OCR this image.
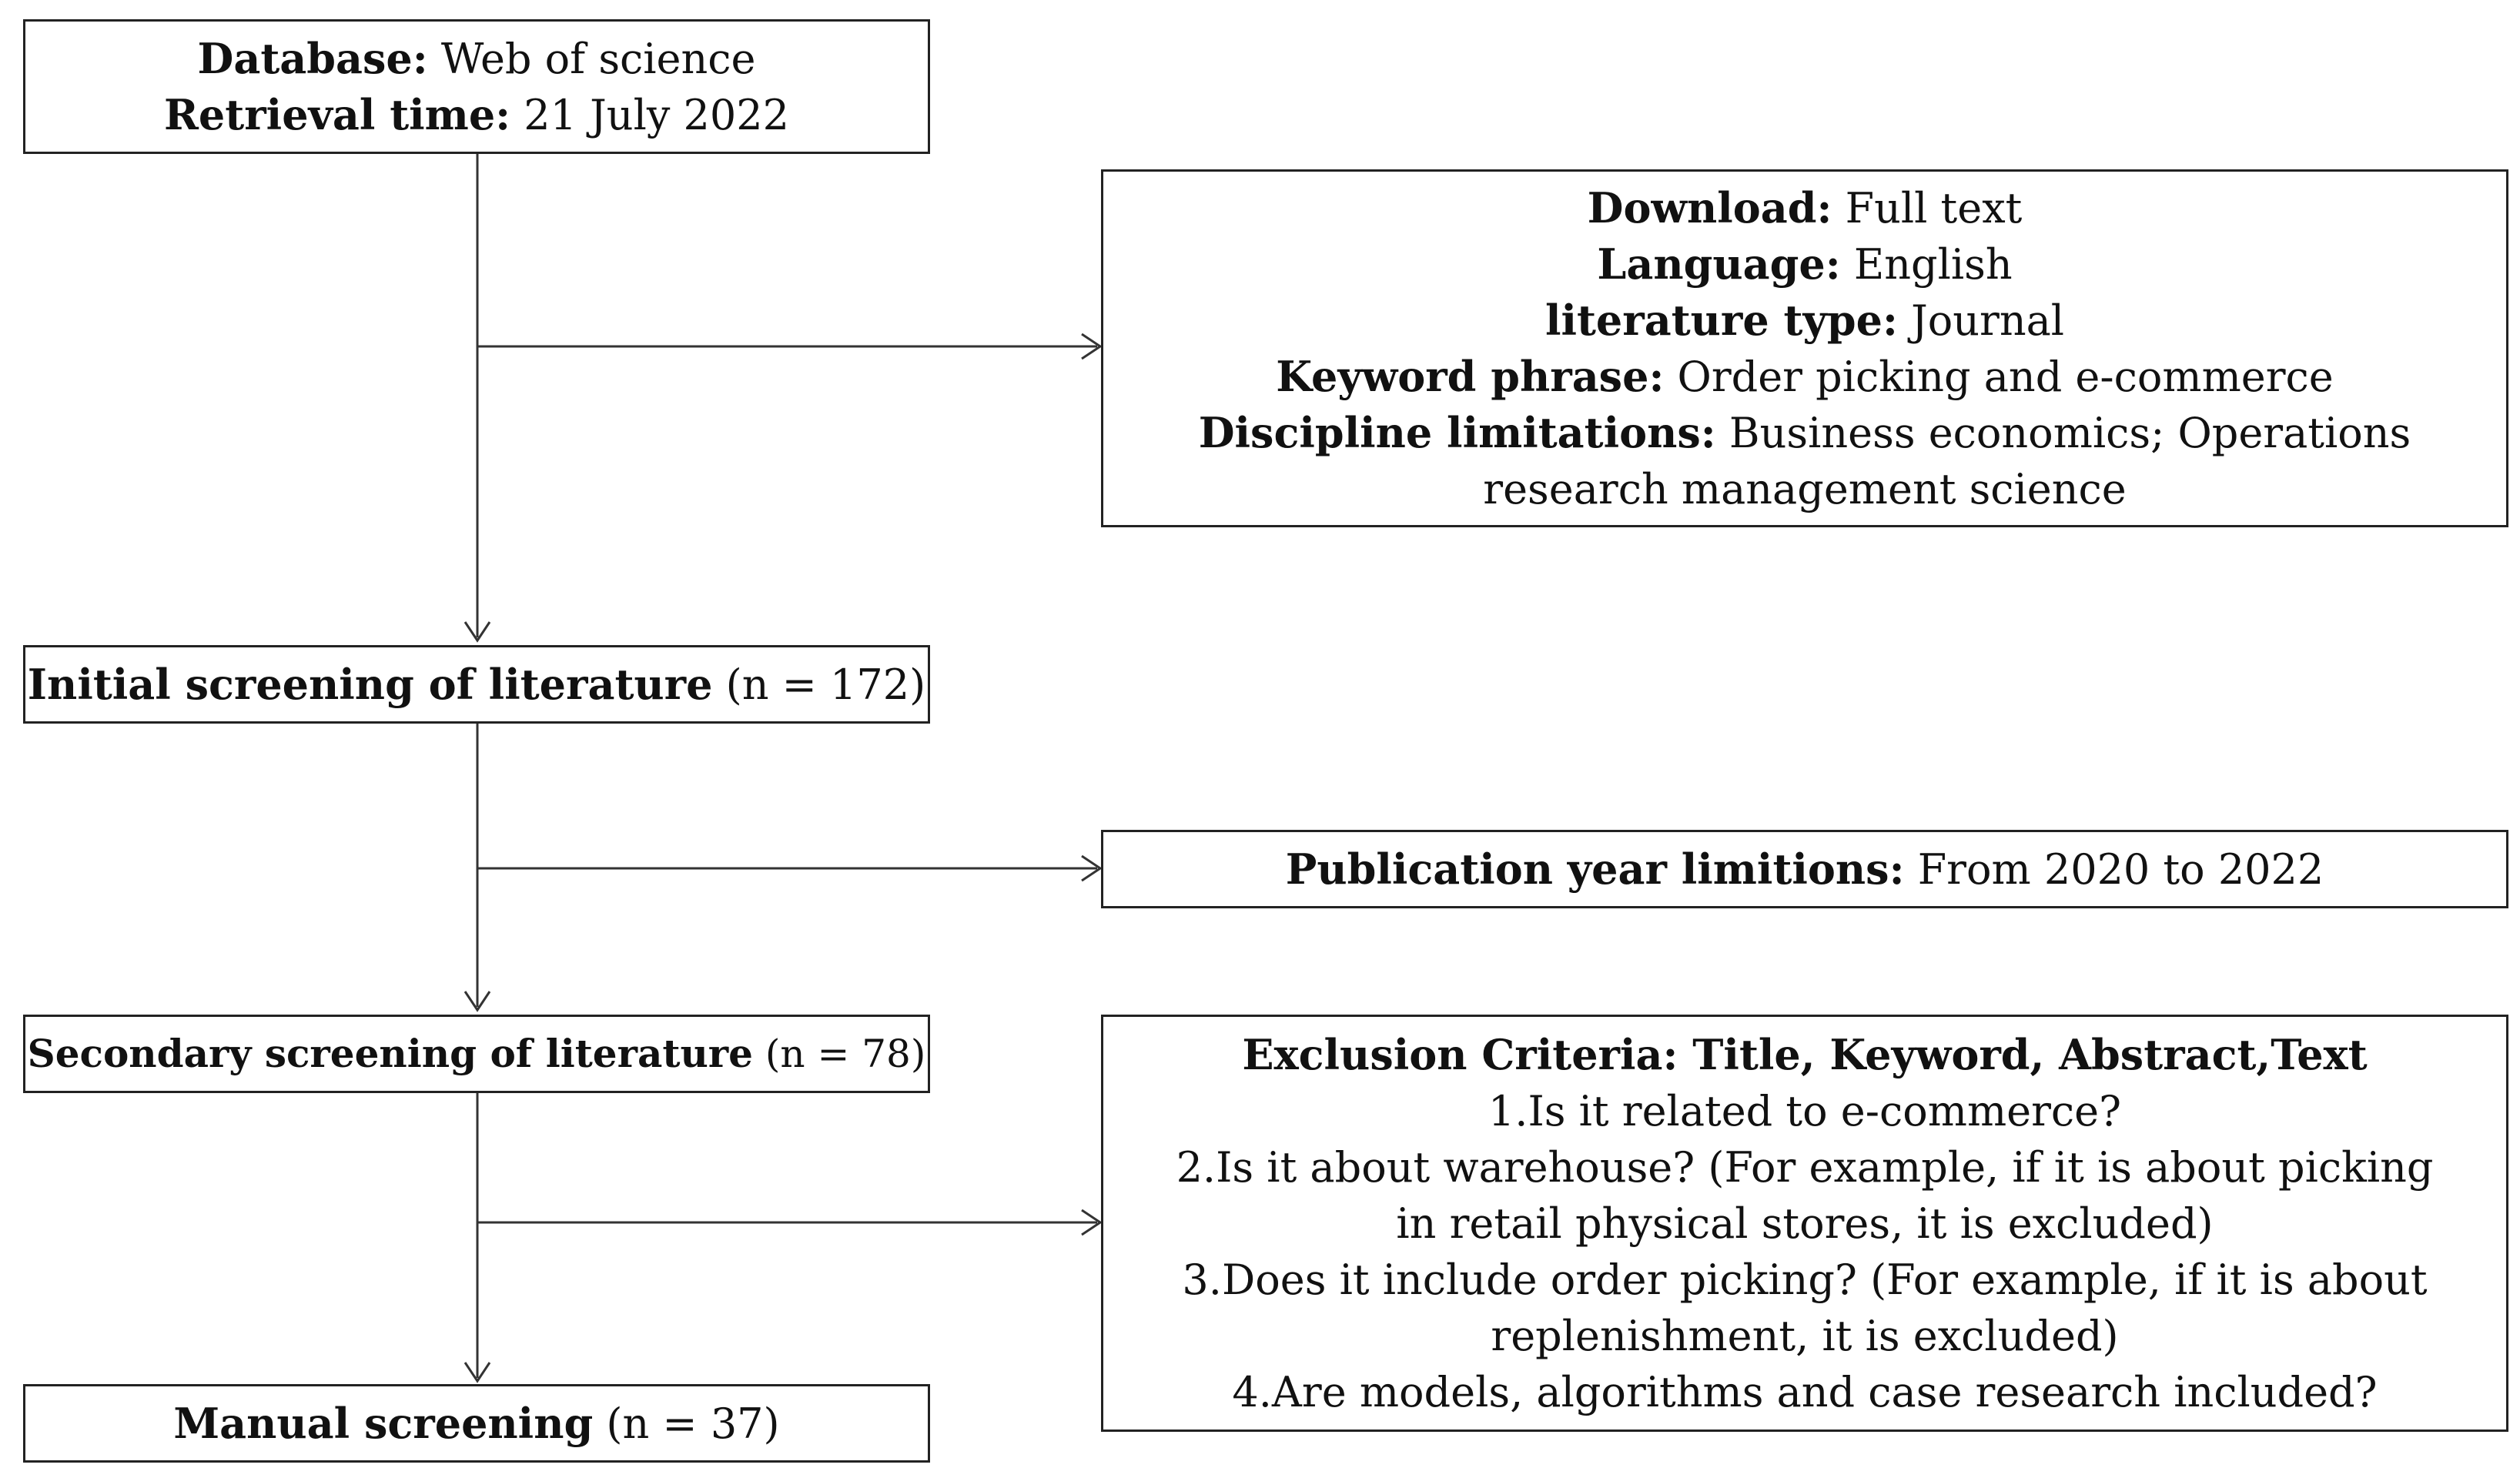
Database: Web of science
Retrieval time: 21 July 2022
Download: Full text
Language: English
literature type: Journal
Keyword phrase: Order picking and e-commerce
Discipline limitations: Business economics; Operations research management science
Initial screening of literature (n = 172)
Publication year limitions: From 2020 to 2022
Secondary screening of literature (n = 78)	Exclusion Criteria: Title, Keyword, Abstract,Text
1.Is it related to e-commerce?
2.Is it about warehouse? (For example, if it is about picking in retail physical stores, it is excluded)
3.Does it include order picking? (For example, if it is about replenishment, it is excluded)
4.Are models, algorithms and case research included?
Manual screening (n = 37)
